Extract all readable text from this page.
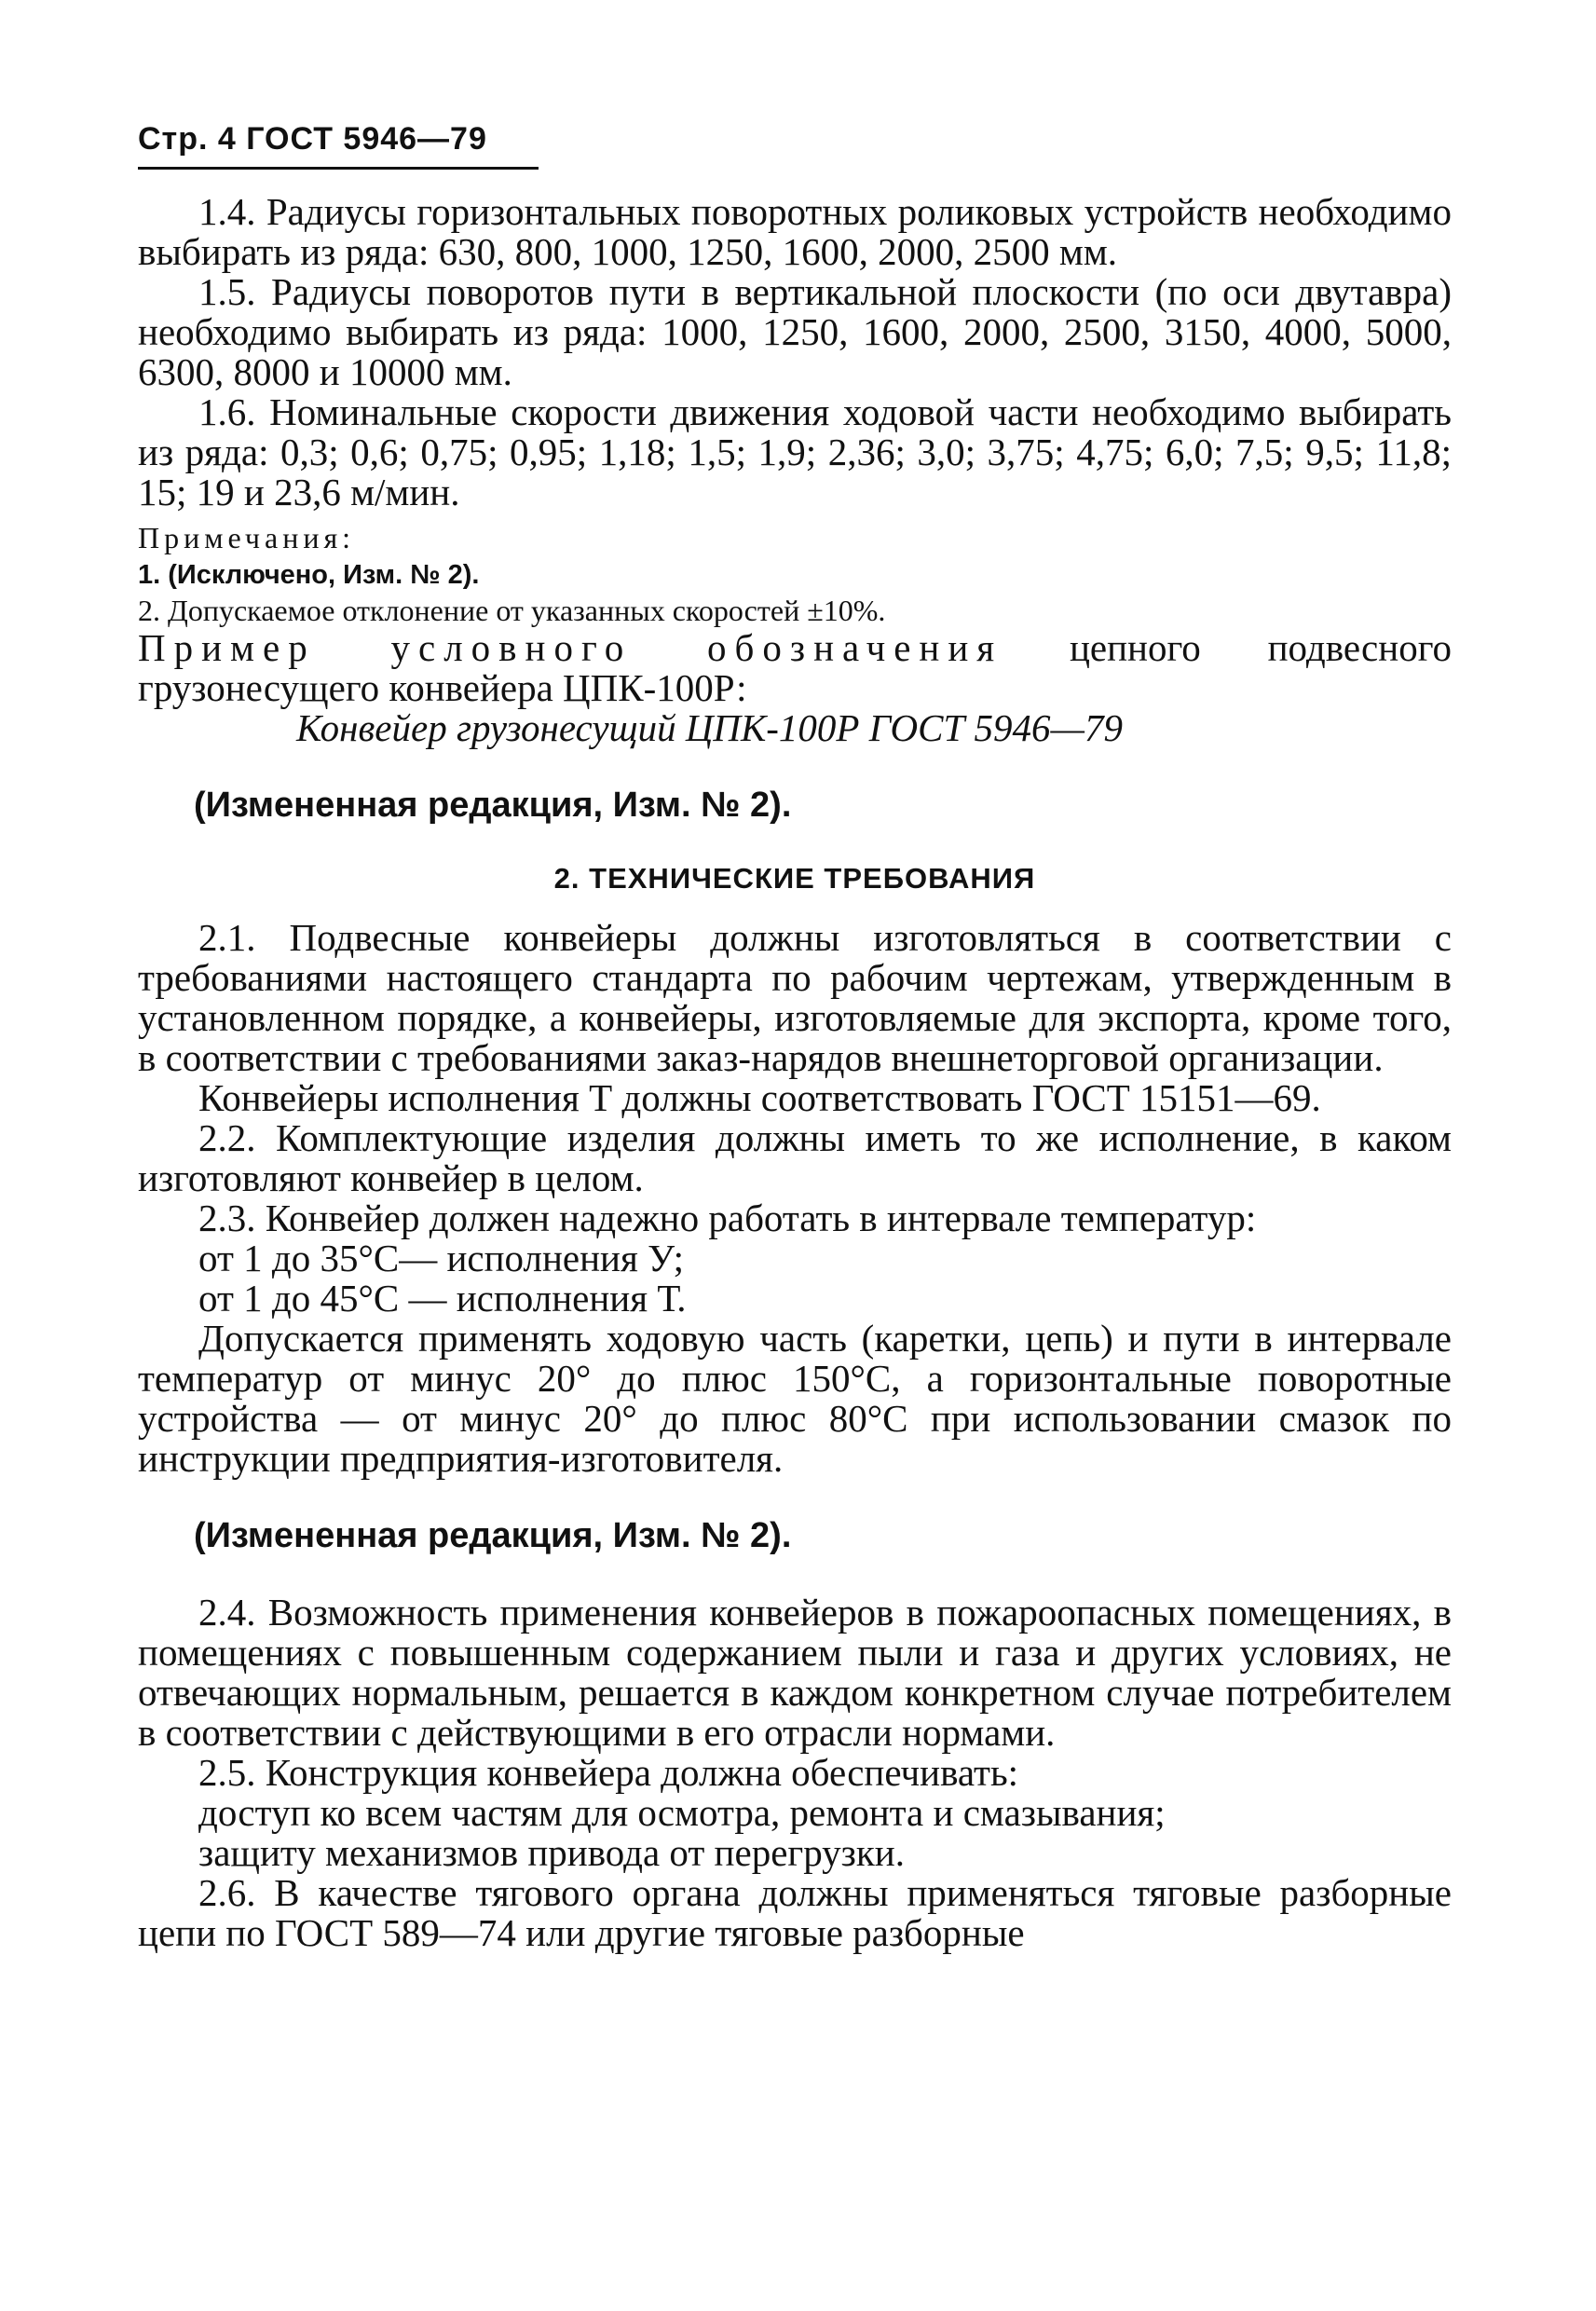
Стр. 4 ГОСТ 5946—79

1.4. Радиусы горизонтальных поворотных роликовых устройств необходимо выбирать из ряда: 630, 800, 1000, 1250, 1600, 2000, 2500 мм.

1.5. Радиусы поворотов пути в вертикальной плоскости (по оси двутавра) необходимо выбирать из ряда: 1000, 1250, 1600, 2000, 2500, 3150, 4000, 5000, 6300, 8000 и 10000 мм.

1.6. Номинальные скорости движения ходовой части необходимо выбирать из ряда: 0,3; 0,6; 0,75; 0,95; 1,18; 1,5; 1,9; 2,36; 3,0; 3,75; 4,75; 6,0; 7,5; 9,5; 11,8; 15; 19 и 23,6 м/мин.

Примечания:

1. (Исключено, Изм. № 2).

2. Допускаемое отклонение от указанных скоростей ±10%.

Пример условного обозначения цепного подвесного грузонесущего конвейера ЦПК-100Р:

Конвейер грузонесущий ЦПК-100Р ГОСТ 5946—79

(Измененная редакция, Изм. № 2).

2. ТЕХНИЧЕСКИЕ ТРЕБОВАНИЯ

2.1. Подвесные конвейеры должны изготовляться в соответствии с требованиями настоящего стандарта по рабочим чертежам, утвержденным в установленном порядке, а конвейеры, изготовляемые для экспорта, кроме того, в соответствии с требованиями заказ-нарядов внешнеторговой организации.

Конвейеры исполнения Т должны соответствовать ГОСТ 15151—69.

2.2. Комплектующие изделия должны иметь то же исполнение, в каком изготовляют конвейер в целом.

2.3. Конвейер должен надежно работать в интервале температур:

от 1 до 35°С— исполнения У;

от 1 до 45°С — исполнения Т.

Допускается применять ходовую часть (каретки, цепь) и пути в интервале температур от минус 20° до плюс 150°С, а горизонтальные поворотные устройства — от минус 20° до плюс 80°С при использовании смазок по инструкции предприятия-изготовителя.

(Измененная редакция, Изм. № 2).

2.4. Возможность применения конвейеров в пожароопасных помещениях, в помещениях с повышенным содержанием пыли и газа и других условиях, не отвечающих нормальным, решается в каждом конкретном случае потребителем в соответствии с действующими в его отрасли нормами.

2.5. Конструкция конвейера должна обеспечивать:

доступ ко всем частям для осмотра, ремонта и смазывания;

защиту механизмов привода от перегрузки.

2.6. В качестве тягового органа должны применяться тяговые разборные цепи по ГОСТ 589—74 или другие тяговые разборные
